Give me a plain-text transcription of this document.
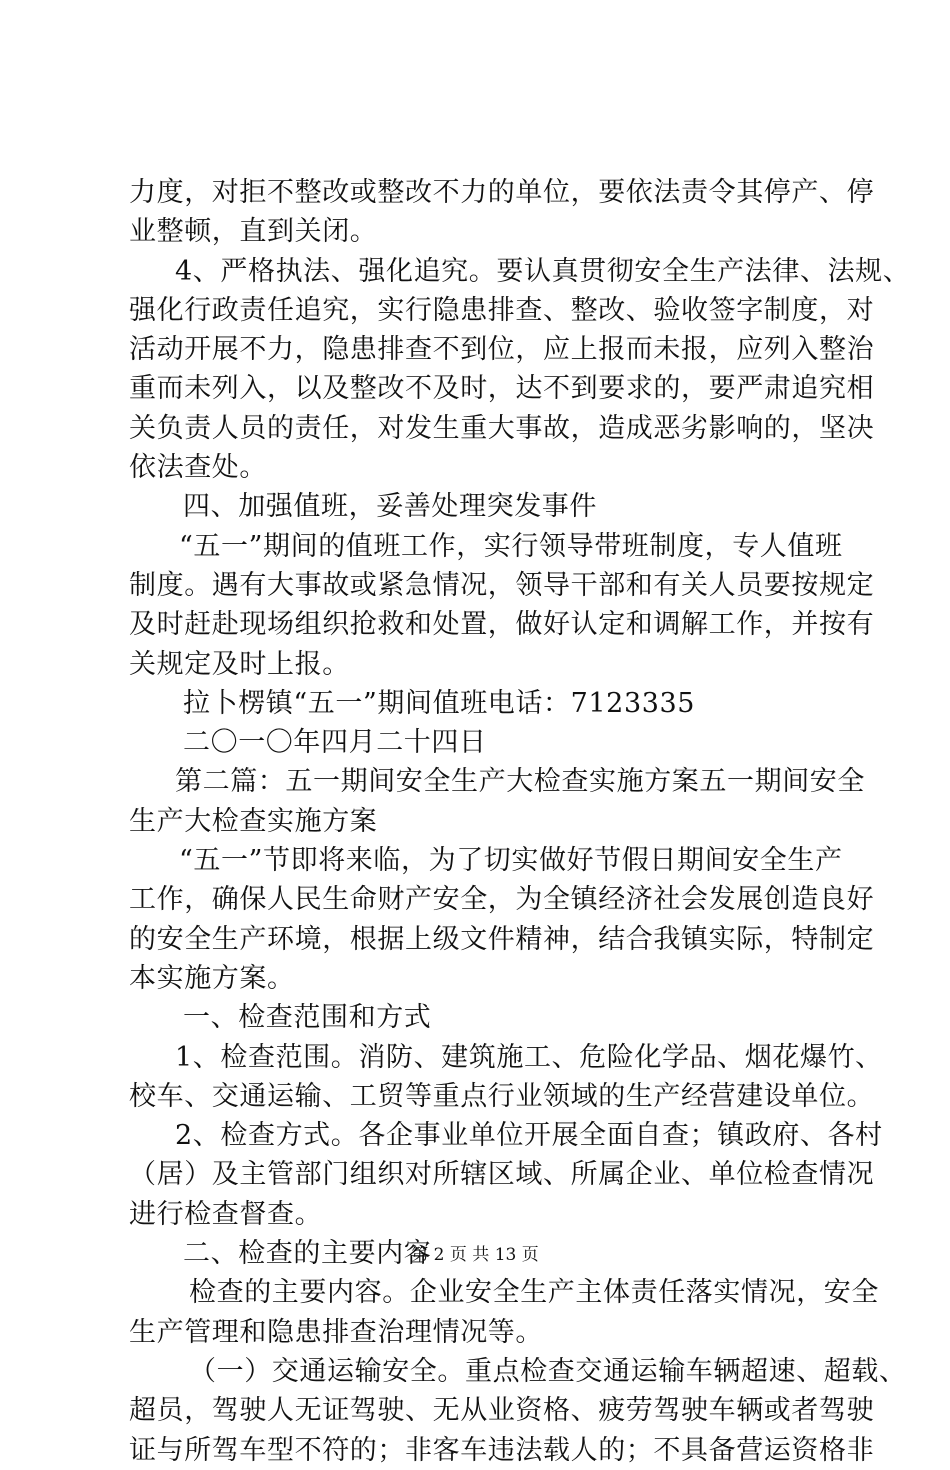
力度，对拒不整改或整改不力的单位，要依法责令其停产、停
业整顿，直到关闭。
4、严格执法、强化追究。要认真贯彻安全生产法律、法规、
强化行政责任追究，实行隐患排查、整改、验收签字制度，对
活动开展不力，隐患排查不到位，应上报而未报，应列入整治
重而未列入，以及整改不及时，达不到要求的，要严肃追究相
关负责人员的责任，对发生重大事故，造成恶劣影响的，坚决
依法查处。
四、加强值班，妥善处理突发事件
“五一”期间的值班工作，实行领导带班制度，专人值班
制度。遇有大事故或紧急情况，领导干部和有关人员要按规定
及时赶赴现场组织抢救和处置，做好认定和调解工作，并按有
关规定及时上报。
拉卜楞镇“五一”期间值班电话：7123335
二〇一〇年四月二十四日
第二篇：五一期间安全生产大检查实施方案五一期间安全
生产大检查实施方案
“五一”节即将来临，为了切实做好节假日期间安全生产
工作，确保人民生命财产安全，为全镇经济社会发展创造良好
的安全生产环境，根据上级文件精神，结合我镇实际，特制定
本实施方案。
一、检查范围和方式
1、检查范围。消防、建筑施工、危险化学品、烟花爆竹、
校车、交通运输、工贸等重点行业领域的生产经营建设单位。
2、检查方式。各企事业单位开展全面自查；镇政府、各村
（居）及主管部门组织对所辖区域、所属企业、单位检查情况
进行检查督查。
二、检查的主要内容
检查的主要内容。企业安全生产主体责任落实情况，安全
生产管理和隐患排查治理情况等。
（一）交通运输安全。重点检查交通运输车辆超速、超载、
超员，驾驶人无证驾驶、无从业资格、疲劳驾驶车辆或者驾驶
证与所驾车型不符的；非客车违法载人的；不具备营运资格非
第 2 页 共 13 页
